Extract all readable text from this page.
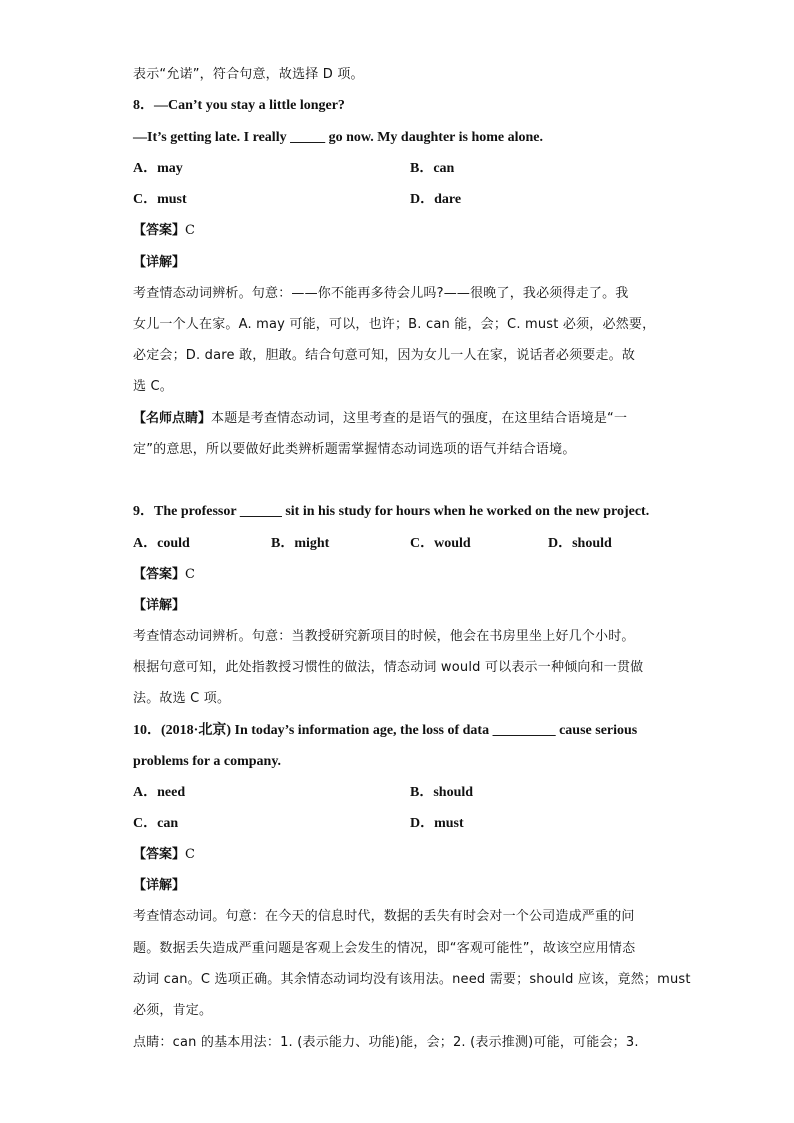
表示“允诺”，符合句意，故选择 D 项。
8．—Can’t you stay a little longer?
—It’s getting late. I really _____ go now. My daughter is home alone.
A．may	B．can
C．must	D．dare
【答案】C
【详解】
考查情态动词辨析。句意：——你不能再多待会儿吗?——很晚了，我必须得走了。我
女儿一个人在家。A. may 可能，可以，也许；B. can 能，会；C. must 必须，必然要，
必定会；D. dare 敢，胆敢。结合句意可知，因为女儿一人在家，说话者必须要走。故
选 C。
【名师点睛】本题是考查情态动词，这里考查的是语气的强度，在这里结合语境是“一
定”的意思，所以要做好此类辨析题需掌握情态动词选项的语气并结合语境。
9．The professor ______ sit in his study for hours when he worked on the new project.
A．could	B．might	C．would	D．should
【答案】C
【详解】
考查情态动词辨析。句意：当教授研究新项目的时候，他会在书房里坐上好几个小时。
根据句意可知，此处指教授习惯性的做法，情态动词 would 可以表示一种倾向和一贯做
法。故选 C 项。
10．(2018·北京) In today’s information age, the loss of data _________ cause serious
problems for a company.
A．need	B．should
C．can	D．must
【答案】C
【详解】
考查情态动词。句意：在今天的信息时代，数据的丢失有时会对一个公司造成严重的问
题。数据丢失造成严重问题是客观上会发生的情况，即“客观可能性”，故该空应用情态
动词 can。C 选项正确。其余情态动词均没有该用法。need 需要；should 应该，竟然；must
必须，肯定。
点睛：can 的基本用法：1. (表示能力、功能)能，会；2. (表示推测)可能，可能会；3.
